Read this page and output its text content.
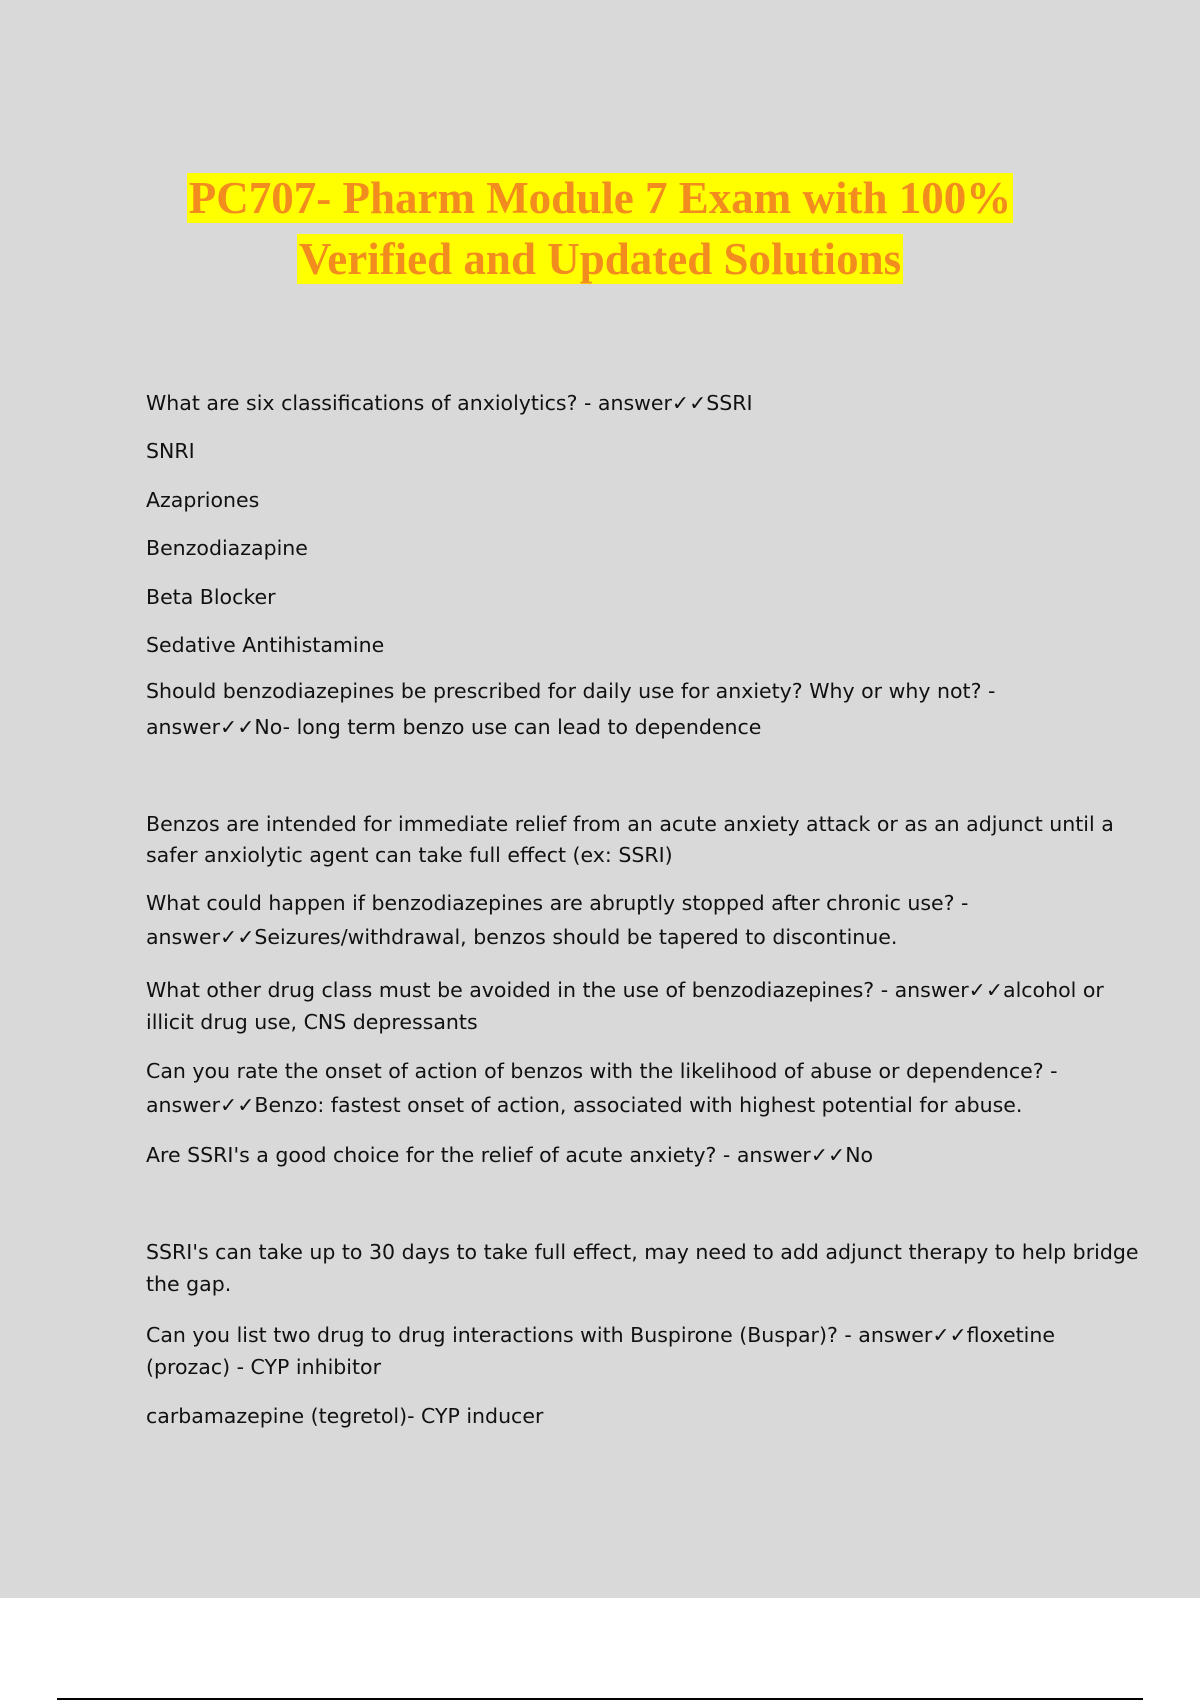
PC707- Pharm Module 7 Exam with 100%
Verified and Updated Solutions
What are six classifications of anxiolytics? - answer✓✓SSRI
SNRI
Azapriones
Benzodiazapine
Beta Blocker
Sedative Antihistamine
Should benzodiazepines be prescribed for daily use for anxiety? Why or why not? -
answer✓✓No- long term benzo use can lead to dependence
Benzos are intended for immediate relief from an acute anxiety attack or as an adjunct until a
safer anxiolytic agent can take full effect (ex: SSRI)
What could happen if benzodiazepines are abruptly stopped after chronic use? -
answer✓✓Seizures/withdrawal, benzos should be tapered to discontinue.
What other drug class must be avoided in the use of benzodiazepines? - answer✓✓alcohol or
illicit drug use, CNS depressants
Can you rate the onset of action of benzos with the likelihood of abuse or dependence? -
answer✓✓Benzo: fastest onset of action, associated with highest potential for abuse.
Are SSRI's a good choice for the relief of acute anxiety? - answer✓✓No
SSRI's can take up to 30 days to take full effect, may need to add adjunct therapy to help bridge
the gap.
Can you list two drug to drug interactions with Buspirone (Buspar)? - answer✓✓floxetine
(prozac) - CYP inhibitor
carbamazepine (tegretol)- CYP inducer
